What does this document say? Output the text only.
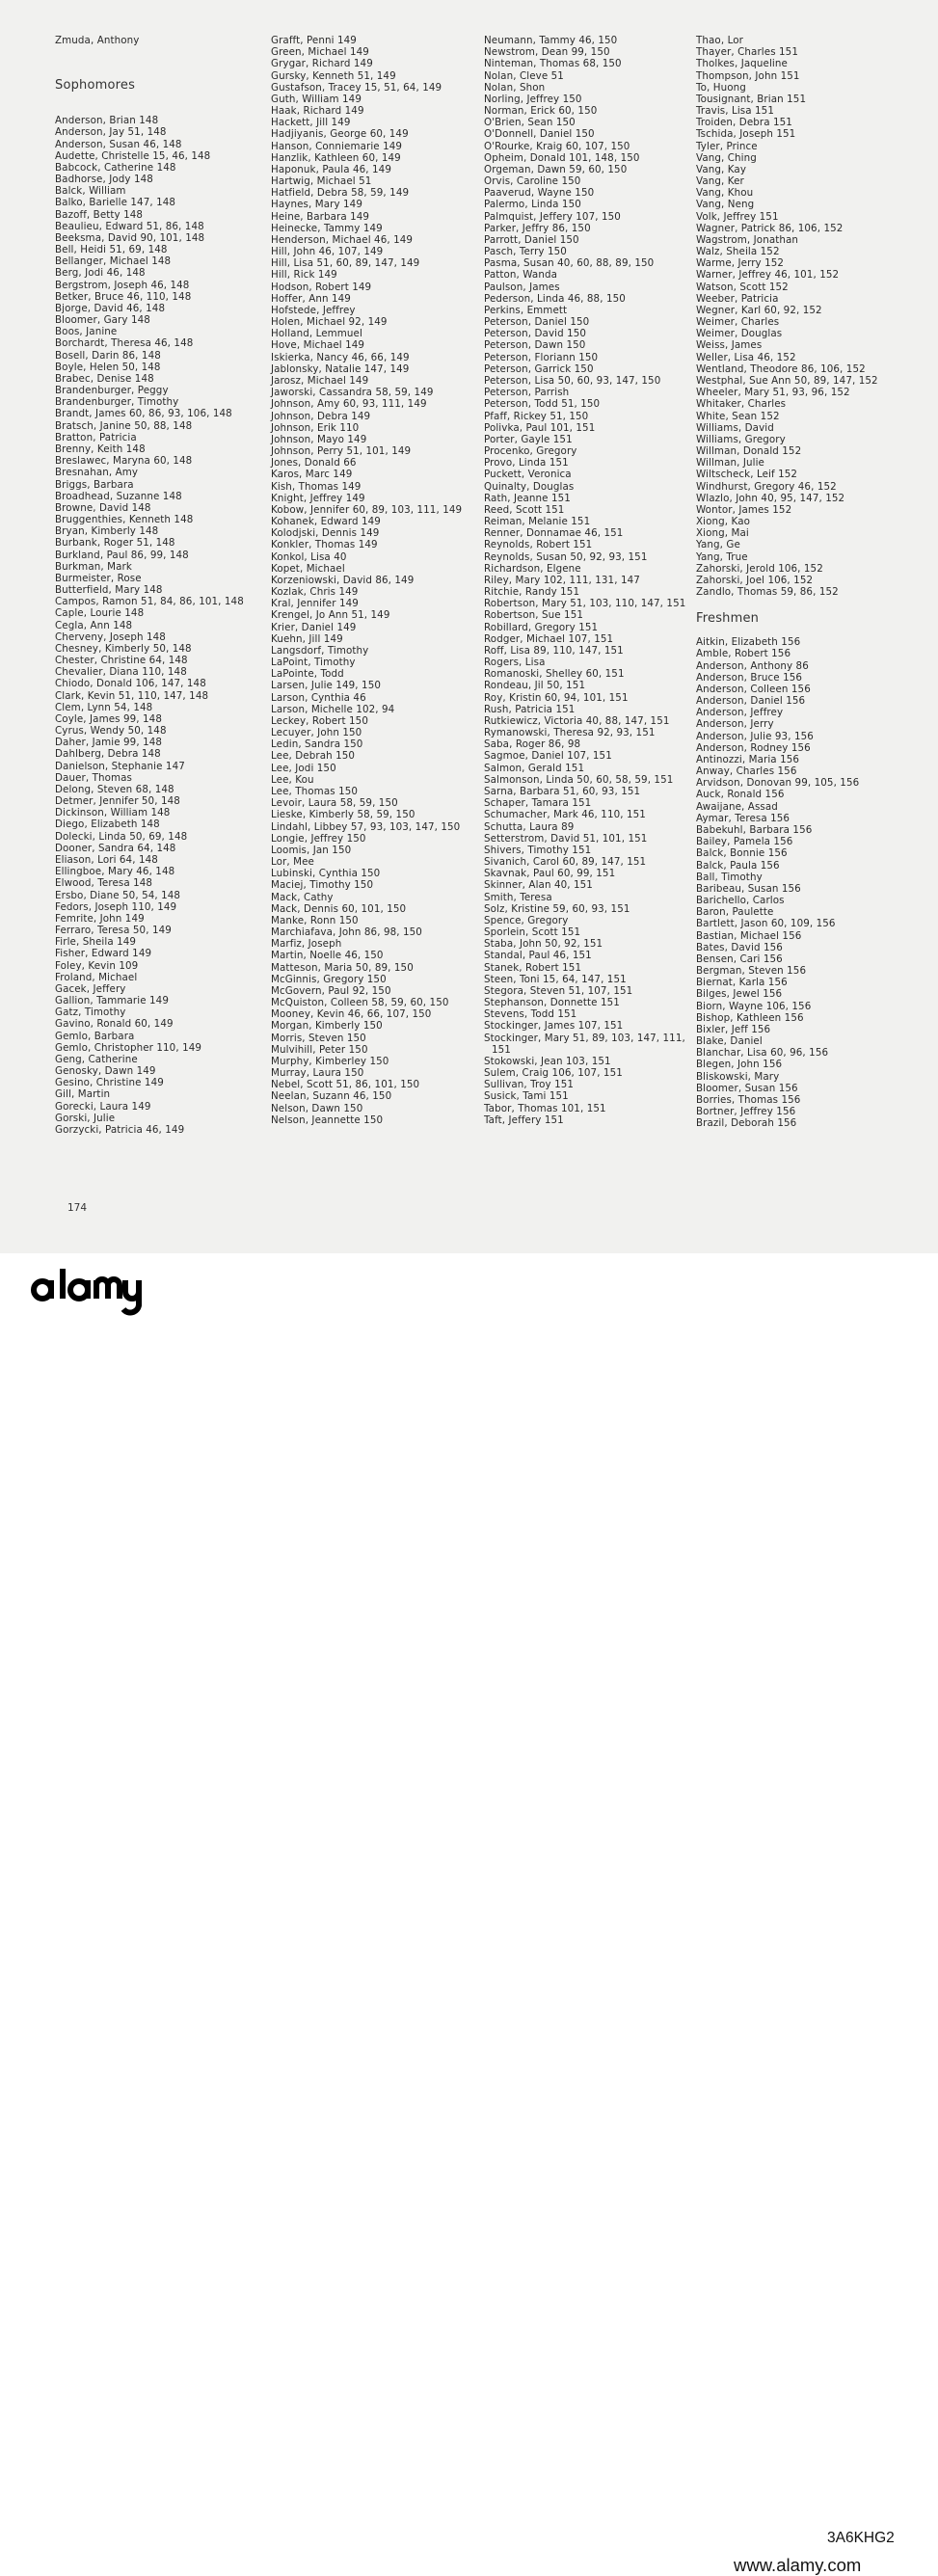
Zmuda, Anthony
Sophomores
Anderson, Brian 148
Anderson, Jay 51, 148
Anderson, Susan 46, 148
Audette, Christelle 15, 46, 148
Babcock, Catherine 148
Badhorse, Jody 148
Balck, William
Balko, Barielle 147, 148
Bazoff, Betty 148
Beaulieu, Edward 51, 86, 148
Beeksma, David 90, 101, 148
Bell, Heidi 51, 69, 148
Bellanger, Michael 148
Berg, Jodi 46, 148
Bergstrom, Joseph 46, 148
Betker, Bruce 46, 110, 148
Bjorge, David 46, 148
Bloomer, Gary 148
Boos, Janine
Borchardt, Theresa 46, 148
Bosell, Darin 86, 148
Boyle, Helen 50, 148
Brabec, Denise 148
Brandenburger, Peggy
Brandenburger, Timothy
Brandt, James 60, 86, 93, 106, 148
Bratsch, Janine 50, 88, 148
Bratton, Patricia
Brenny, Keith 148
Breslawec, Maryna 60, 148
Bresnahan, Amy
Briggs, Barbara
Broadhead, Suzanne 148
Browne, David 148
Bruggenthies, Kenneth 148
Bryan, Kimberly 148
Burbank, Roger 51, 148
Burkland, Paul 86, 99, 148
Burkman, Mark
Burmeister, Rose
Butterfield, Mary 148
Campos, Ramon 51, 84, 86, 101, 148
Caple, Lourie 148
Cegla, Ann 148
Cherveny, Joseph 148
Chesney, Kimberly 50, 148
Chester, Christine 64, 148
Chevalier, Diana 110, 148
Chiodo, Donald 106, 147, 148
Clark, Kevin 51, 110, 147, 148
Clem, Lynn 54, 148
Coyle, James 99, 148
Cyrus, Wendy 50, 148
Daher, Jamie 99, 148
Dahlberg, Debra 148
Danielson, Stephanie 147
Dauer, Thomas
Delong, Steven 68, 148
Detmer, Jennifer 50, 148
Dickinson, William 148
Diego, Elizabeth 148
Dolecki, Linda 50, 69, 148
Dooner, Sandra 64, 148
Eliason, Lori 64, 148
Ellingboe, Mary 46, 148
Elwood, Teresa 148
Ersbo, Diane 50, 54, 148
Fedors, Joseph 110, 149
Femrite, John 149
Ferraro, Teresa 50, 149
Firle, Sheila 149
Fisher, Edward 149
Foley, Kevin 109
Froland, Michael
Gacek, Jeffery
Gallion, Tammarie 149
Gatz, Timothy
Gavino, Ronald 60, 149
Gemlo, Barbara
Gemlo, Christopher 110, 149
Geng, Catherine
Genosky, Dawn 149
Gesino, Christine 149
Gill, Martin
Gorecki, Laura 149
Gorski, Julie
Gorzycki, Patricia 46, 149
Grafft, Penni 149
Green, Michael 149
Grygar, Richard 149
Gursky, Kenneth 51, 149
Gustafson, Tracey 15, 51, 64, 149
Guth, William 149
Haak, Richard 149
Hackett, Jill 149
Hadjiyanis, George 60, 149
Hanson, Conniemarie 149
Hanzlik, Kathleen 60, 149
Haponuk, Paula 46, 149
Hartwig, Michael 51
Hatfield, Debra 58, 59, 149
Haynes, Mary 149
Heine, Barbara 149
Heinecke, Tammy 149
Henderson, Michael 46, 149
Hill, John 46, 107, 149
Hill, Lisa 51, 60, 89, 147, 149
Hill, Rick 149
Hodson, Robert 149
Hoffer, Ann 149
Hofstede, Jeffrey
Holen, Michael 92, 149
Holland, Lemmuel
Hove, Michael 149
Iskierka, Nancy 46, 66, 149
Jablonsky, Natalie 147, 149
Jarosz, Michael 149
Jaworski, Cassandra 58, 59, 149
Johnson, Amy 60, 93, 111, 149
Johnson, Debra 149
Johnson, Erik 110
Johnson, Mayo 149
Johnson, Perry 51, 101, 149
Jones, Donald 66
Karos, Marc 149
Kish, Thomas 149
Knight, Jeffrey 149
Kobow, Jennifer 60, 89, 103, 111, 149
Kohanek, Edward 149
Kolodjski, Dennis 149
Konkler, Thomas 149
Konkol, Lisa 40
Kopet, Michael
Korzeniowski, David 86, 149
Kozlak, Chris 149
Kral, Jennifer 149
Krengel, Jo Ann 51, 149
Krier, Daniel 149
Kuehn, Jill 149
Langsdorf, Timothy
LaPoint, Timothy
LaPointe, Todd
Larsen, Julie 149, 150
Larson, Cynthia 46
Larson, Michelle 102, 94
Leckey, Robert 150
Lecuyer, John 150
Ledin, Sandra 150
Lee, Debrah 150
Lee, Jodi 150
Lee, Kou
Lee, Thomas 150
Levoir, Laura 58, 59, 150
Lieske, Kimberly 58, 59, 150
Lindahl, Libbey 57, 93, 103, 147, 150
Longie, Jeffrey 150
Loomis, Jan 150
Lor, Mee
Lubinski, Cynthia 150
Maciej, Timothy 150
Mack, Cathy
Mack, Dennis 60, 101, 150
Manke, Ronn 150
Marchiafava, John 86, 98, 150
Marfiz, Joseph
Martin, Noelle 46, 150
Matteson, Maria 50, 89, 150
McGinnis, Gregory 150
McGovern, Paul 92, 150
McQuiston, Colleen 58, 59, 60, 150
Mooney, Kevin 46, 66, 107, 150
Morgan, Kimberly 150
Morris, Steven 150
Mulvihill, Peter 150
Murphy, Kimberley 150
Murray, Laura 150
Nebel, Scott 51, 86, 101, 150
Neelan, Suzann 46, 150
Nelson, Dawn 150
Nelson, Jeannette 150
Neumann, Tammy 46, 150
Newstrom, Dean 99, 150
Ninteman, Thomas 68, 150
Nolan, Cleve 51
Nolan, Shon
Norling, Jeffrey 150
Norman, Erick 60, 150
O'Brien, Sean 150
O'Donnell, Daniel 150
O'Rourke, Kraig 60, 107, 150
Opheim, Donald 101, 148, 150
Orgeman, Dawn 59, 60, 150
Orvis, Caroline 150
Paaverud, Wayne 150
Palermo, Linda 150
Palmquist, Jeffery 107, 150
Parker, Jeffry 86, 150
Parrott, Daniel 150
Pasch, Terry 150
Pasma, Susan 40, 60, 88, 89, 150
Patton, Wanda
Paulson, James
Pederson, Linda 46, 88, 150
Perkins, Emmett
Peterson, Daniel 150
Peterson, David 150
Peterson, Dawn 150
Peterson, Floriann 150
Peterson, Garrick 150
Peterson, Lisa 50, 60, 93, 147, 150
Peterson, Parrish
Peterson, Todd 51, 150
Pfaff, Rickey 51, 150
Polivka, Paul 101, 151
Porter, Gayle 151
Procenko, Gregory
Provo, Linda 151
Puckett, Veronica
Quinalty, Douglas
Rath, Jeanne 151
Reed, Scott 151
Reiman, Melanie 151
Renner, Donnamae 46, 151
Reynolds, Robert 151
Reynolds, Susan 50, 92, 93, 151
Richardson, Elgene
Riley, Mary 102, 111, 131, 147
Ritchie, Randy 151
Robertson, Mary 51, 103, 110, 147, 151
Robertson, Sue 151
Robillard, Gregory 151
Rodger, Michael 107, 151
Roff, Lisa 89, 110, 147, 151
Rogers, Lisa
Romanoski, Shelley 60, 151
Rondeau, Jil 50, 151
Roy, Kristin 60, 94, 101, 151
Rush, Patricia 151
Rutkiewicz, Victoria 40, 88, 147, 151
Rymanowski, Theresa 92, 93, 151
Saba, Roger 86, 98
Sagmoe, Daniel 107, 151
Salmon, Gerald 151
Salmonson, Linda 50, 60, 58, 59, 151
Sarna, Barbara 51, 60, 93, 151
Schaper, Tamara 151
Schumacher, Mark 46, 110, 151
Schutta, Laura 89
Setterstrom, David 51, 101, 151
Shivers, Timothy 151
Sivanich, Carol 60, 89, 147, 151
Skavnak, Paul 60, 99, 151
Skinner, Alan 40, 151
Smith, Teresa
Solz, Kristine 59, 60, 93, 151
Spence, Gregory
Sporlein, Scott 151
Staba, John 50, 92, 151
Standal, Paul 46, 151
Stanek, Robert 151
Steen, Toni 15, 64, 147, 151
Stegora, Steven 51, 107, 151
Stephanson, Donnette 151
Stevens, Todd 151
Stockinger, James 107, 151
Stockinger, Mary 51, 89, 103, 147, 111, 151
Stokowski, Jean 103, 151
Sulem, Craig 106, 107, 151
Sullivan, Troy 151
Susick, Tami 151
Tabor, Thomas 101, 151
Taft, Jeffery 151
Thao, Lor
Thayer, Charles 151
Tholkes, Jaqueline
Thompson, John 151
To, Huong
Tousignant, Brian 151
Travis, Lisa 151
Troiden, Debra 151
Tschida, Joseph 151
Tyler, Prince
Vang, Ching
Vang, Kay
Vang, Ker
Vang, Khou
Vang, Neng
Volk, Jeffrey 151
Wagner, Patrick 86, 106, 152
Wagstrom, Jonathan
Walz, Sheila 152
Warme, Jerry 152
Warner, Jeffrey 46, 101, 152
Watson, Scott 152
Weeber, Patricia
Wegner, Karl 60, 92, 152
Weimer, Charles
Weimer, Douglas
Weiss, James
Weller, Lisa 46, 152
Wentland, Theodore 86, 106, 152
Westphal, Sue Ann 50, 89, 147, 152
Wheeler, Mary 51, 93, 96, 152
Whitaker, Charles
White, Sean 152
Williams, David
Williams, Gregory
Willman, Donald 152
Willman, Julie
Wiltscheck, Leif 152
Windhurst, Gregory 46, 152
Wlazlo, John 40, 95, 147, 152
Wontor, James 152
Xiong, Kao
Xiong, Mai
Yang, Ge
Yang, True
Zahorski, Jerold 106, 152
Zahorski, Joel 106, 152
Zandlo, Thomas 59, 86, 152
Freshmen
Aitkin, Elizabeth 156
Amble, Robert 156
Anderson, Anthony 86
Anderson, Bruce 156
Anderson, Colleen 156
Anderson, Daniel 156
Anderson, Jeffrey
Anderson, Jerry
Anderson, Julie 93, 156
Anderson, Rodney 156
Antinozzi, Maria 156
Anway, Charles 156
Arvidson, Donovan 99, 105, 156
Auck, Ronald 156
Awaijane, Assad
Aymar, Teresa 156
Babekuhl, Barbara 156
Bailey, Pamela 156
Balck, Bonnie 156
Balck, Paula 156
Ball, Timothy
Baribeau, Susan 156
Barichello, Carlos
Baron, Paulette
Bartlett, Jason 60, 109, 156
Bastian, Michael 156
Bates, David 156
Bensen, Cari 156
Bergman, Steven 156
Biernat, Karla 156
Bilges, Jewel 156
Biorn, Wayne 106, 156
Bishop, Kathleen 156
Bixler, Jeff 156
Blake, Daniel
Blanchar, Lisa 60, 96, 156
Blegen, John 156
Bliskowski, Mary
Bloomer, Susan 156
Borries, Thomas 156
Bortner, Jeffrey 156
Brazil, Deborah 156
174
3A6KHG2
www.alamy.com
